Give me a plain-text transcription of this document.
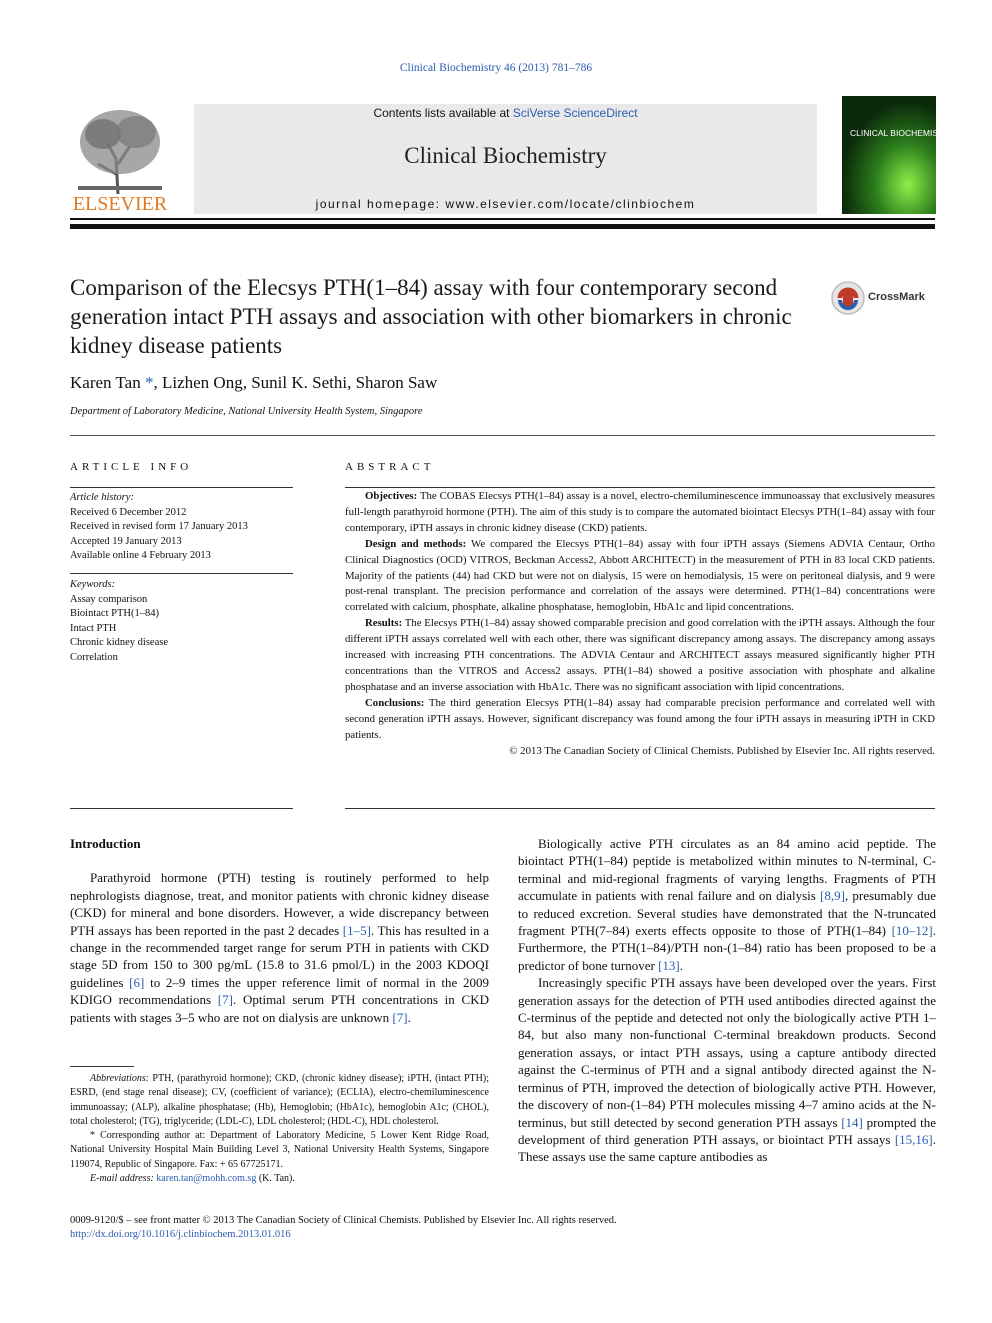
Clinical Biochemistry 46 (2013) 781–786
Contents lists available at SciVerse ScienceDirect
Clinical Biochemistry
journal homepage: www.elsevier.com/locate/clinbiochem
ELSEVIER
CLINICAL BIOCHEMISTRY
Comparison of the Elecsys PTH(1–84) assay with four contemporary second generation intact PTH assays and association with other biomarkers in chronic kidney disease patients
CrossMark
Karen Tan *, Lizhen Ong, Sunil K. Sethi, Sharon Saw
Department of Laboratory Medicine, National University Health System, Singapore
ARTICLE INFO	ABSTRACT
Article history:
Received 6 December 2012
Received in revised form 17 January 2013
Accepted 19 January 2013
Available online 4 February 2013
Keywords:
Assay comparison
Biointact PTH(1–84)
Intact PTH
Chronic kidney disease
Correlation

Objectives: The COBAS Elecsys PTH(1–84) assay is a novel, electro-chemiluminescence immunoassay that exclusively measures full-length parathyroid hormone (PTH). The aim of this study is to compare the automated biointact Elecsys PTH(1–84) assay with four contemporary, iPTH assays in chronic kidney disease (CKD) patients.

Design and methods: We compared the Elecsys PTH(1–84) assay with four iPTH assays (Siemens ADVIA Centaur, Ortho Clinical Diagnostics (OCD) VITROS, Beckman Access2, Abbott ARCHITECT) in the measurement of PTH in 83 local CKD patients. Majority of the patients (44) had CKD but were not on dialysis, 15 were on hemodialysis, 15 were on peritoneal dialysis, and 9 were post-renal transplant. The precision performance and correlation of the assays were determined. PTH(1–84) concentrations were correlated with calcium, phosphate, alkaline phosphatase, hemoglobin, HbA1c and lipid concentrations.

Results: The Elecsys PTH(1–84) assay showed comparable precision and good correlation with the iPTH assays. Although the four different iPTH assays correlated well with each other, there was significant discrepancy among assays. The discrepancy among assays increased with increasing PTH concentrations. The ADVIA Centaur and ARCHITECT assays measured significantly higher PTH concentrations than the VITROS and Access2 assays. PTH(1–84) showed a positive association with phosphate and alkaline phosphatase and an inverse association with HbA1c. There was no significant association with lipid concentrations.

Conclusions: The third generation Elecsys PTH(1–84) assay had comparable precision performance and correlated well with second generation iPTH assays. However, significant discrepancy was found among the four iPTH assays in measuring iPTH in CKD patients.

© 2013 The Canadian Society of Clinical Chemists. Published by Elsevier Inc. All rights reserved.

Introduction

Parathyroid hormone (PTH) testing is routinely performed to help nephrologists diagnose, treat, and monitor patients with chronic kidney disease (CKD) for mineral and bone disorders. However, a wide discrepancy between PTH assays has been reported in the past 2 decades [1–5]. This has resulted in a change in the recommended target range for serum PTH in patients with CKD stage 5D from 150 to 300 pg/mL (15.8 to 31.6 pmol/L) in the 2003 KDOQI guidelines [6] to 2–9 times the upper reference limit of normal in the 2009 KDIGO recommendations [7]. Optimal serum PTH concentrations in CKD patients with stages 3–5 who are not on dialysis are unknown [7].

Abbreviations: PTH, (parathyroid hormone); CKD, (chronic kidney disease); iPTH, (intact PTH); ESRD, (end stage renal disease); CV, (coefficient of variance); (ECLIA), electro-chemiluminescence immunoassay; (ALP), alkaline phosphatase; (Hb), Hemoglobin; (HbA1c), hemoglobin A1c; (CHOL), total cholesterol; (TG), triglyceride; (LDL-C), LDL cholesterol; (HDL-C), HDL cholesterol.

* Corresponding author at: Department of Laboratory Medicine, 5 Lower Kent Ridge Road, National University Hospital Main Building Level 3, National University Health Systems, Singapore 119074, Republic of Singapore. Fax: + 65 67725171.

E-mail address: karen.tan@mohh.com.sg (K. Tan).

Biologically active PTH circulates as an 84 amino acid peptide. The biointact PTH(1–84) peptide is metabolized within minutes to N-terminal, C-terminal and mid-regional fragments of varying lengths. Fragments of PTH accumulate in patients with renal failure and on dialysis [8,9], presumably due to reduced excretion. Several studies have demonstrated that the N-truncated fragment PTH(7–84) exerts effects opposite to those of PTH(1–84) [10–12]. Furthermore, the PTH(1–84)/PTH non-(1–84) ratio has been proposed to be a predictor of bone turnover [13].

Increasingly specific PTH assays have been developed over the years. First generation assays for the detection of PTH used antibodies directed against the C-terminus of the peptide and detected not only the biologically active PTH 1–84, but also many non-functional C-terminal breakdown products. Second generation assays, or intact PTH assays, using a capture antibody directed against the C-terminus of PTH and a signal antibody directed against the N-terminus of PTH, improved the detection of biologically active PTH. However, the discovery of non-(1–84) PTH molecules missing 4–7 amino acids at the N-terminus, but still detected by second generation PTH assays [14] prompted the development of third generation PTH assays, or biointact PTH assays [15,16]. These assays use the same capture antibodies as

0009-9120/$ – see front matter © 2013 The Canadian Society of Clinical Chemists. Published by Elsevier Inc. All rights reserved.
http://dx.doi.org/10.1016/j.clinbiochem.2013.01.016
